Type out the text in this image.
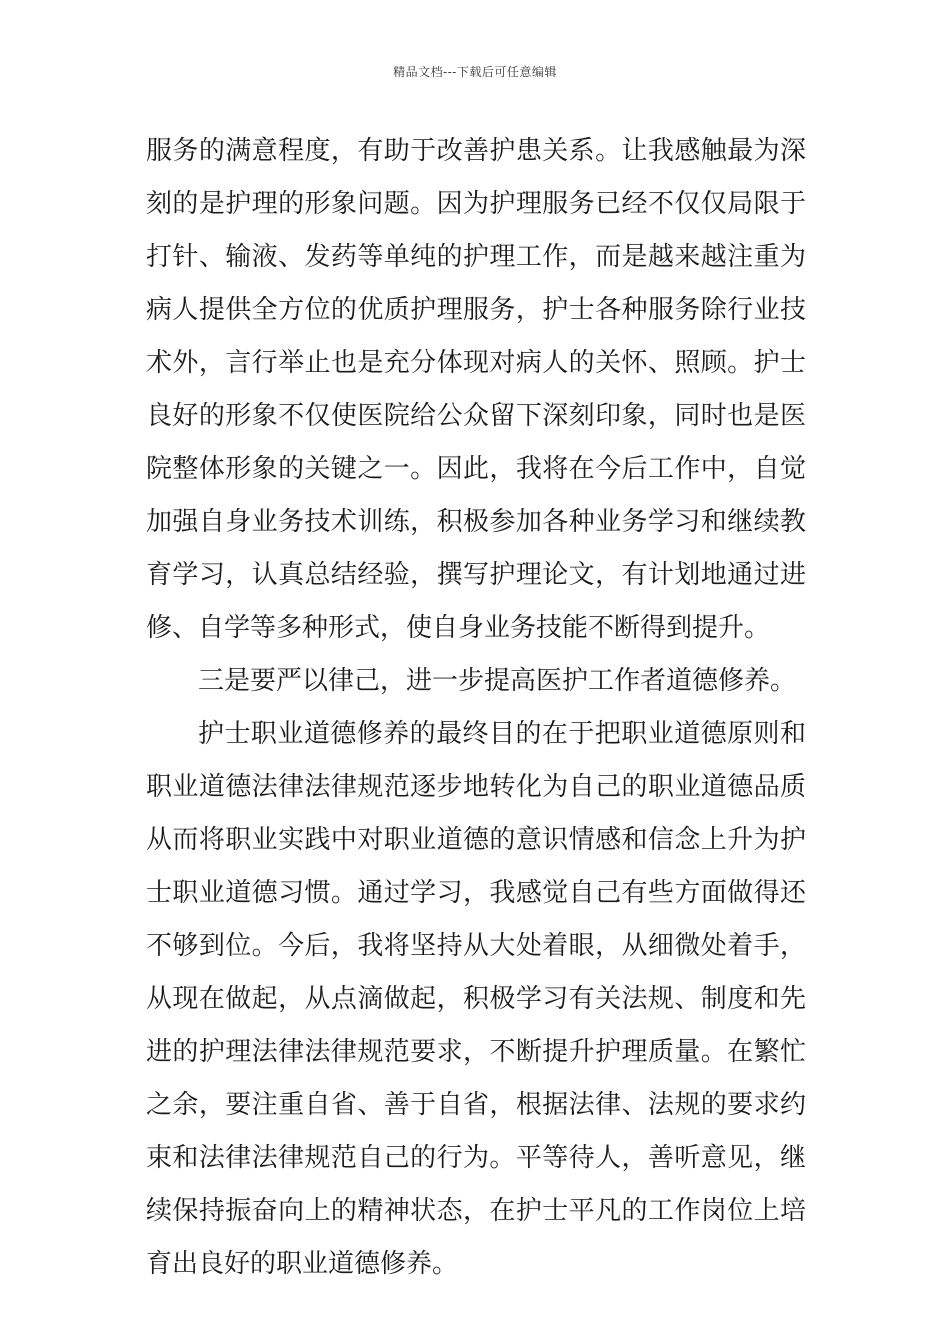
精品文档---下载后可任意编辑

服务的满意程度，有助于改善护患关系。让我感触最为深刻的是护理的形象问题。因为护理服务已经不仅仅局限于打针、输液、发药等单纯的护理工作，而是越来越注重为病人提供全方位的优质护理服务，护士各种服务除行业技术外，言行举止也是充分体现对病人的关怀、照顾。护士良好的形象不仅使医院给公众留下深刻印象，同时也是医院整体形象的关键之一。因此，我将在今后工作中，自觉加强自身业务技术训练，积极参加各种业务学习和继续教育学习，认真总结经验，撰写护理论文，有计划地通过进修、自学等多种形式，使自身业务技能不断得到提升。

三是要严以律己，进一步提高医护工作者道德修养。

护士职业道德修养的最终目的在于把职业道德原则和职业道德法律法律规范逐步地转化为自己的职业道德品质从而将职业实践中对职业道德的意识情感和信念上升为护士职业道德习惯。通过学习，我感觉自己有些方面做得还不够到位。今后，我将坚持从大处着眼，从细微处着手，从现在做起，从点滴做起，积极学习有关法规、制度和先进的护理法律法律规范要求，不断提升护理质量。在繁忙之余，要注重自省、善于自省，根据法律、法规的要求约束和法律法律规范自己的行为。平等待人，善听意见，继续保持振奋向上的精神状态，在护士平凡的工作岗位上培育出良好的职业道德修养。
